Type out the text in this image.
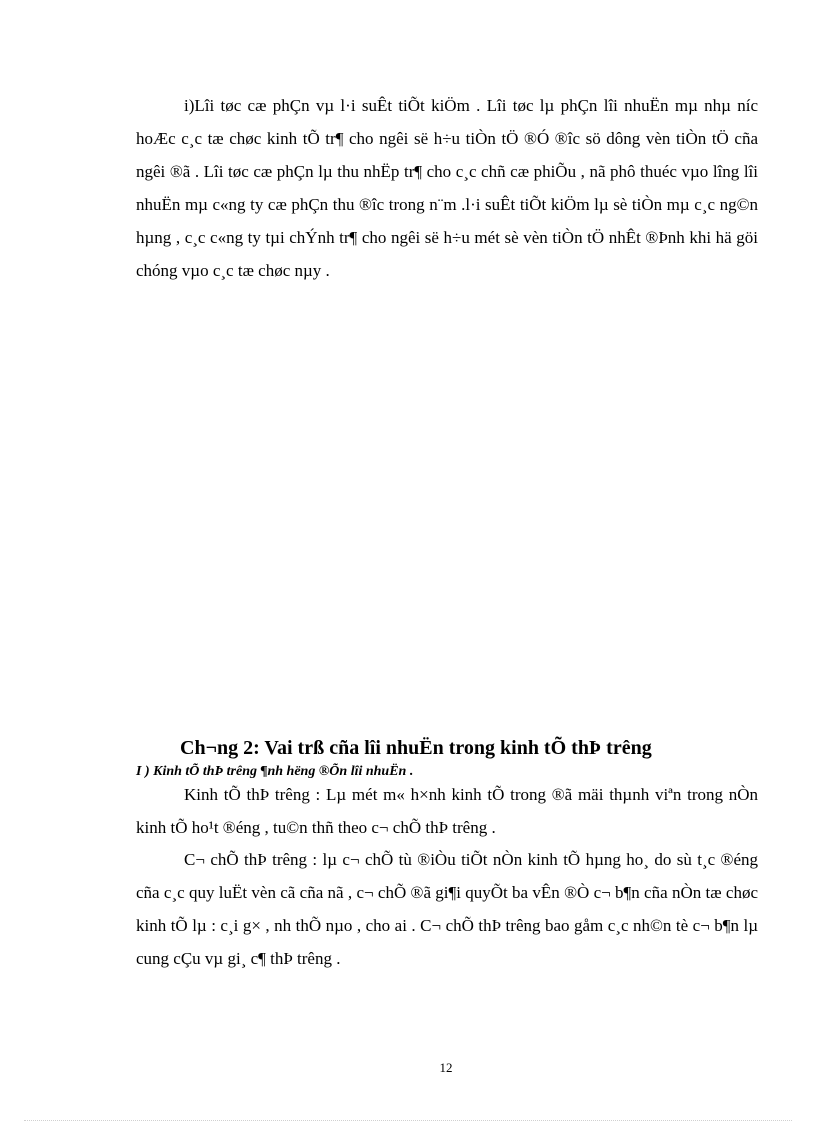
i)Lîi tøc cæ phÇn vµ l·i suÊt tiÕt kiÖm . Lîi tøc lµ phÇn lîi nhuËn mµ nhµ níc hoÆc c¸c tæ chøc kinh tÕ tr¶ cho ngêi së h÷u tiÒn tÖ ®Ó ®îc sö dông vèn tiÒn tÖ cña ngêi ®ã . Lîi tøc cæ phÇn lµ thu nhËp tr¶ cho c¸c chñ cæ phiÕu , nã phô thuéc vµo lîng lîi nhuËn mµ c«ng ty cæ phÇn thu ®îc trong n¨m .l·i suÊt tiÕt kiÖm lµ sè tiÒn mµ c¸c ng©n hµng , c¸c c«ng ty tµi chÝnh tr¶ cho ngêi së h÷u mét sè vèn tiÒn tÖ nhÊt ®Þnh khi hä göi chóng vµo c¸c tæ chøc nµy .

Ch¬ng 2: Vai trß cña lîi nhuËn trong kinh tÕ thÞ trêng
I ) Kinh tÕ thÞ trêng ¶nh hëng ®Õn lîi nhuËn .

Kinh tÕ thÞ trêng : Lµ mét m« h×nh kinh tÕ trong ®ã mäi thµnh viªn trong nÒn kinh tÕ ho¹t ®éng , tu©n thñ theo c¬ chÕ thÞ trêng .

C¬ chÕ thÞ trêng : lµ c¬ chÕ tù ®iÒu tiÕt nÒn kinh tÕ hµng ho¸ do sù t¸c ®éng cña c¸c quy luËt vèn cã cña nã , c¬ chÕ ®ã gi¶i quyÕt ba vÊn ®Ò c¬ b¶n cña nÒn tæ chøc kinh tÕ lµ : c¸i g× , nh thÕ nµo , cho ai . C¬ chÕ thÞ trêng bao gåm c¸c nh©n tè c¬ b¶n lµ cung cÇu vµ gi¸ c¶ thÞ trêng .

12
